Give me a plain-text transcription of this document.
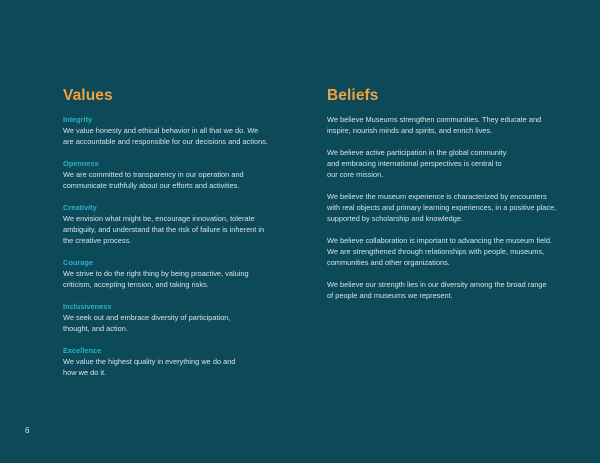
Values

Integrity

We value honesty and ethical behavior in all that we do. We
are accountable and responsible for our decisions and actions.

Openness

We are committed to transparency in our operation and
communicate truthfully about our efforts and activities.

Creativity

We envision what might be, encourage innovation, tolerate
ambiguity, and understand that the risk of failure is inherent in
the creative process.

Courage

We strive to do the right thing by being proactive, valuing
criticism, accepting tension, and taking risks.

Inclusiveness

We seek out and embrace diversity of participation,
thought, and action.

Excellence

We value the highest quality in everything we do and
how we do it.

Beliefs

We believe Museums strengthen communities. They educate and
inspire, nourish minds and spirits, and enrich lives.

We believe active participation in the global community
and embracing international perspectives is central to
our core mission.

We believe the museum experience is characterized by encounters
with real objects and primary learning experiences, in a positive place,
supported by scholarship and knowledge.

We believe collaboration is important to advancing the museum field.
We are strengthened through relationships with people, museums,
communities and other organizations.

We believe our strength lies in our diversity among the broad range
of people and museums we represent.

6
